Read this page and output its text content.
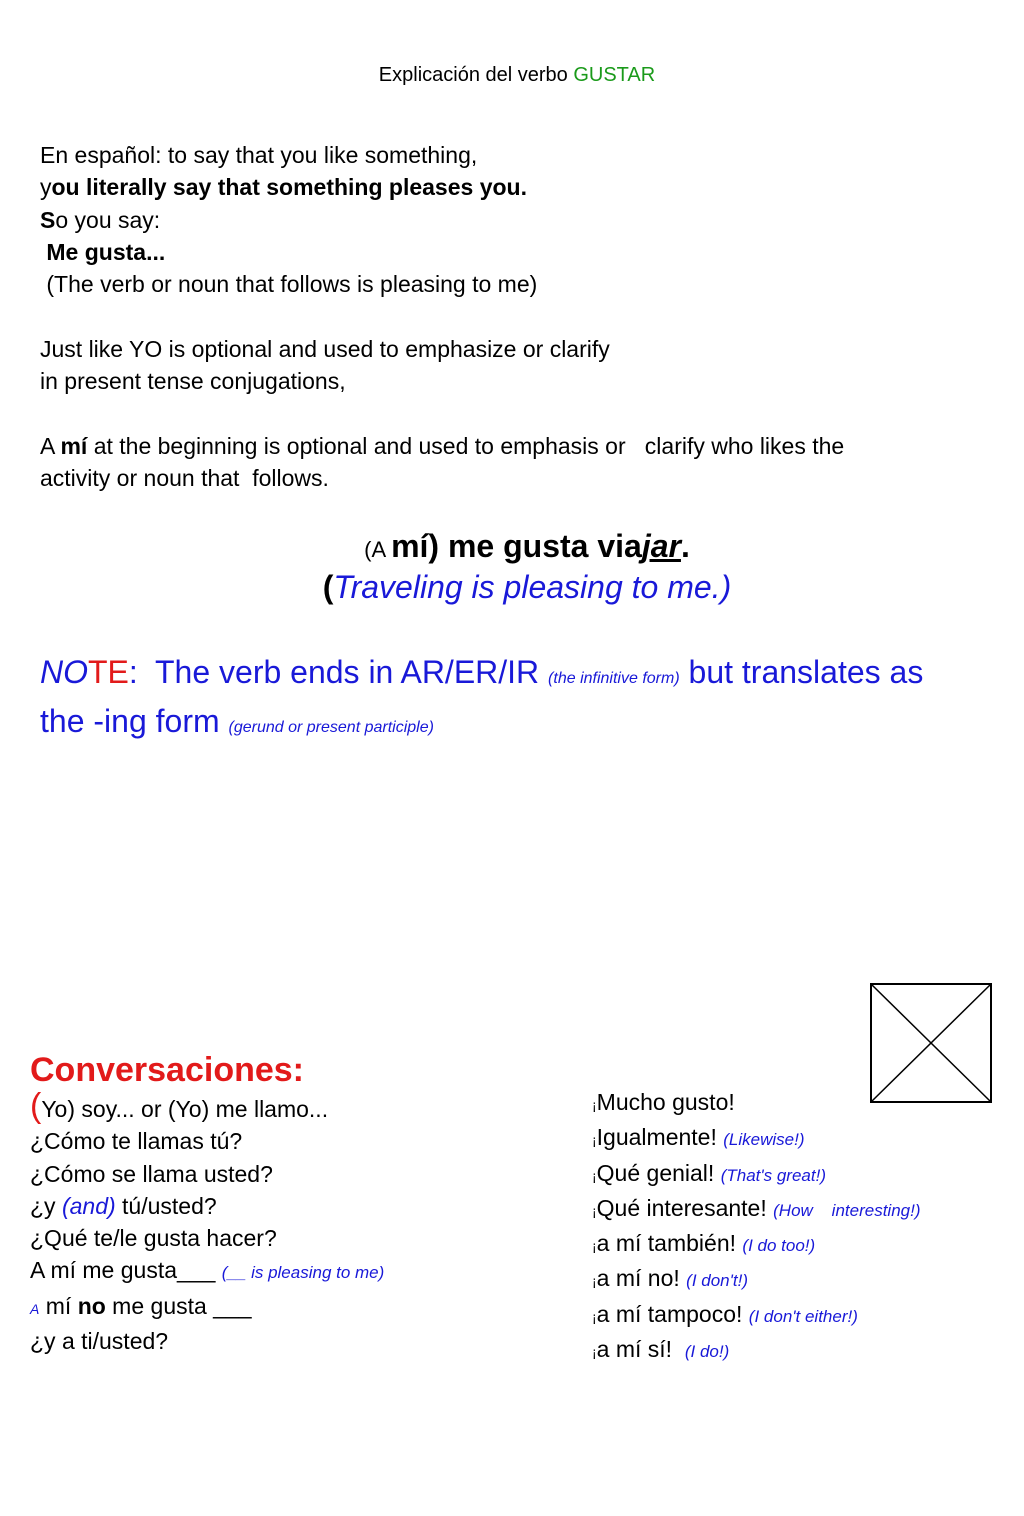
Explicación del verbo GUSTAR
En español: to say that you like something,
you literally say that something pleases you.
So you say:
Me gusta...
(The verb or noun that follows is pleasing to me)
Just like YO is optional and used to emphasize or clarify
in present tense conjugations,
A mí at the beginning is optional and used to emphasis or   clarify who likes the
activity or noun that  follows.
(A mí) me gusta viajar.
(Traveling is pleasing to me.)
NOTE:  The verb ends in AR/ER/IR (the infinitive form) but translates as
the -ing form (gerund or present participle)
Conversaciones:
(Yo) soy... or (Yo) me llamo...
¿Cómo te llamas tú?
¿Cómo se llama usted?
¿y (and) tú/usted?
¿Qué te/le gusta hacer?
A mí me gusta___ (__ is pleasing to me)
A mí no me gusta ___
¿y a ti/usted?
¡Mucho gusto!
¡Igualmente! (Likewise!)
¡Qué genial! (That's great!)
¡Qué interesante! (How    interesting!)
¡a mí también! (I do too!)
¡a mí no! (I don't!)
¡a mí tampoco! (I don't either!)
¡a mí sí!  (I do!)
